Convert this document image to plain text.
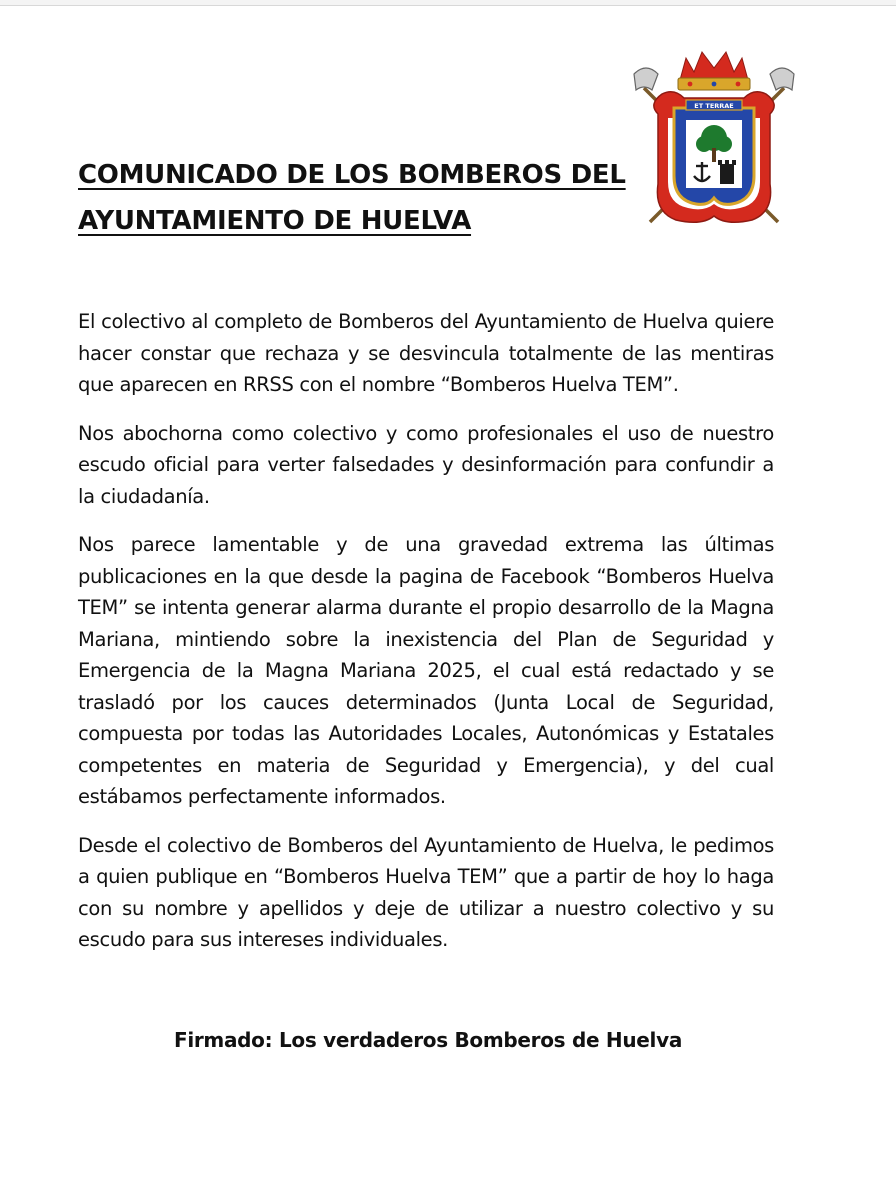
COMUNICADO DE LOS BOMBEROS DEL
AYUNTAMIENTO DE HUELVA
ET TERRAE

El colectivo al completo de Bomberos del Ayuntamiento de Huelva quiere hacer constar que rechaza y se desvincula totalmente de las mentiras que aparecen en RRSS con el nombre “Bomberos Huelva TEM”.

Nos abochorna como colectivo y como profesionales el uso de nuestro escudo oficial para verter falsedades y desinformación para confundir a la ciudadanía.

Nos parece lamentable y de una gravedad extrema las últimas publicaciones en la que desde la pagina de Facebook “Bomberos Huelva TEM” se intenta generar alarma durante el propio desarrollo de la Magna Mariana, mintiendo sobre la inexistencia del Plan de Seguridad y Emergencia de la Magna Mariana 2025, el cual está redactado y se trasladó por los cauces determinados (Junta Local de Seguridad, compuesta por todas las Autoridades Locales, Autonómicas y Estatales competentes en materia de Seguridad y Emergencia), y del cual estábamos perfectamente informados.

Desde el colectivo de Bomberos del Ayuntamiento de Huelva, le pedimos a quien publique en “Bomberos Huelva TEM” que a partir de hoy lo haga con su nombre y apellidos y deje de utilizar a nuestro colectivo y su escudo para sus intereses individuales.

Firmado: Los verdaderos Bomberos de Huelva
